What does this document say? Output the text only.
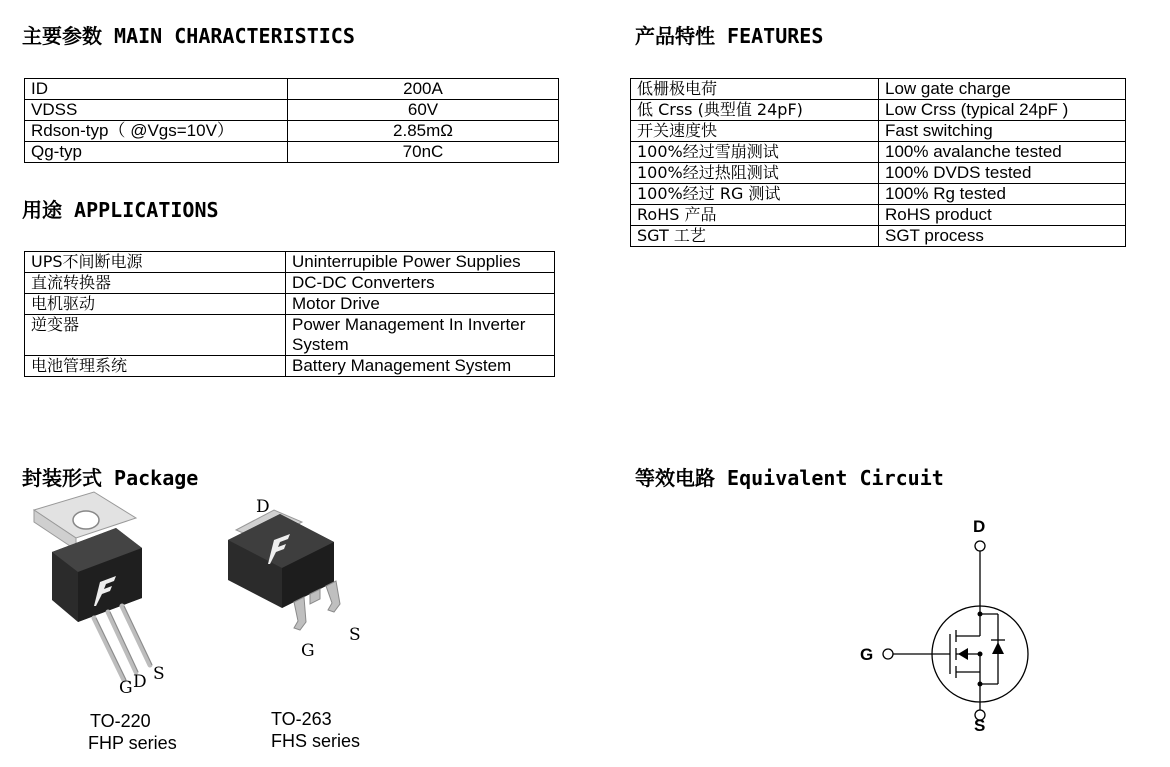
主要参数 MAIN CHARACTERISTICS
ID	200A
VDSS	60V
Rdson-typ（ @Vgs=10V）	2.85mΩ
Qg-typ	70nC
用途 APPLICATIONS
UPS不间断电源	Uninterrupible Power Supplies
直流转换器	DC-DC Converters
电机驱动	Motor Drive
逆变器	Power Management In Inverter System
电池管理系统	Battery Management System
产品特性 FEATURES
低栅极电荷	Low gate charge
低 Crss (典型值 24pF)	Low Crss (typical 24pF )
开关速度快	Fast switching
100%经过雪崩测试	100% avalanche tested
100%经过热阻测试	100% DVDS tested
100%经过 RG 测试	100% Rg tested
RoHS 产品	RoHS product
SGT 工艺	SGT process
封装形式 Package
G D S
TO-220
FHP series
D
G
S
TO-263
FHS series
等效电路 Equivalent Circuit
D
G
S
